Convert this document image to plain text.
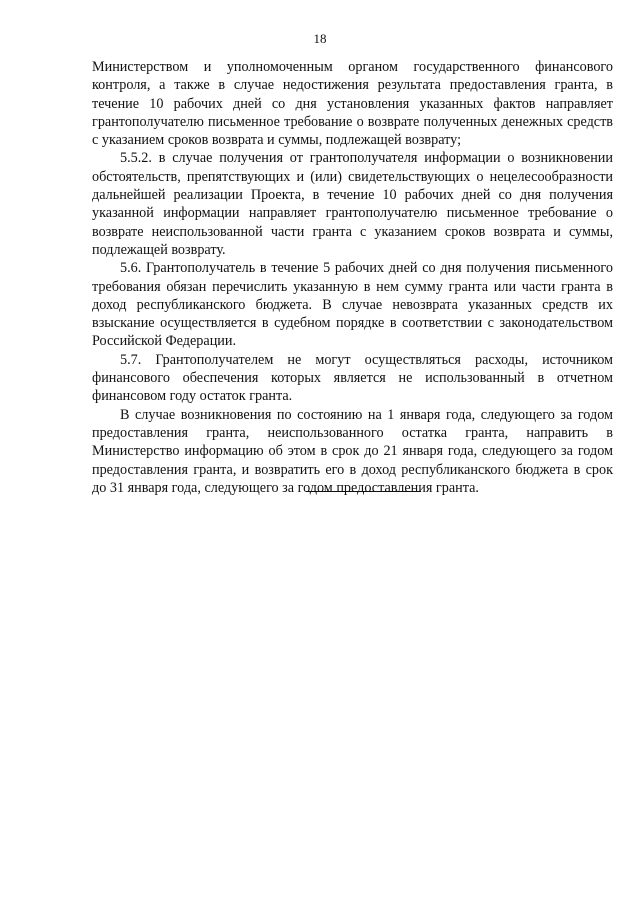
18

Министерством и уполномоченным органом государственного финансового контроля, а также в случае недостижения результата предоставления гранта, в течение 10 рабочих дней со дня установления указанных фактов направляет грантополучателю письменное требование о возврате полученных денежных средств с указанием сроков возврата и суммы, подлежащей возврату;

5.5.2. в случае получения от грантополучателя информации о возникновении обстоятельств, препятствующих и (или) свидетельствующих о нецелесообразности дальнейшей реализации Проекта, в течение 10 рабочих дней со дня получения указанной информации направляет грантополучателю письменное требование о возврате неиспользованной части гранта с указанием сроков возврата и суммы, подлежащей возврату.

5.6. Грантополучатель в течение 5 рабочих дней со дня получения письменного требования обязан перечислить указанную в нем сумму гранта или части гранта в доход республиканского бюджета. В случае невозврата указанных средств их взыскание осуществляется в судебном порядке в соответствии с законодательством Российской Федерации.

5.7. Грантополучателем не могут осуществляться расходы, источником финансового обеспечения которых является не использованный в отчетном финансовом году остаток гранта.

В случае возникновения по состоянию на 1 января года, следующего за годом предоставления гранта, неиспользованного остатка гранта, направить в Министерство информацию об этом в срок до 21 января года, следующего за годом предоставления гранта, и возвратить его в доход республиканского бюджета в срок до 31 января года, следующего за годом предоставления гранта.
